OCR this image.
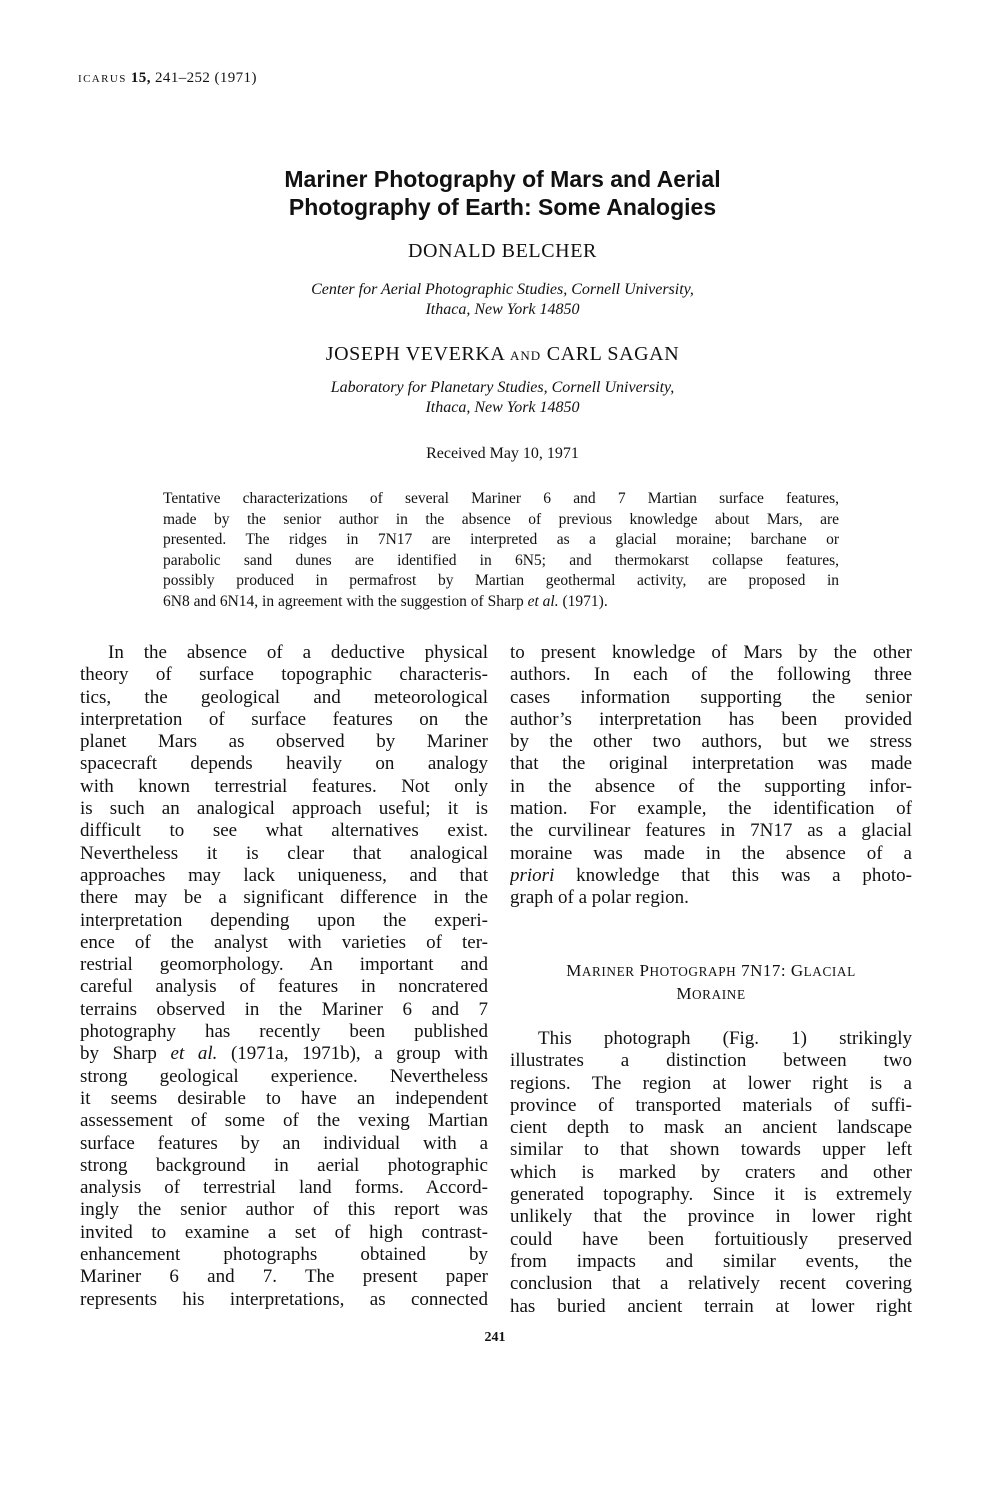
ICARUS 15, 241–252 (1971)
Mariner Photography of Mars and Aerial
Photography of Earth: Some Analogies
DONALD BELCHER
Center for Aerial Photographic Studies, Cornell University,
Ithaca, New York 14850
JOSEPH VEVERKA AND CARL SAGAN
Laboratory for Planetary Studies, Cornell University,
Ithaca, New York 14850
Received May 10, 1971
Tentative characterizations of several Mariner 6 and 7 Martian surface features,
made by the senior author in the absence of previous knowledge about Mars, are
presented. The ridges in 7N17 are interpreted as a glacial moraine; barchane or
parabolic sand dunes are identified in 6N5; and thermokarst collapse features,
possibly produced in permafrost by Martian geothermal activity, are proposed in
6N8 and 6N14, in agreement with the suggestion of Sharp et al. (1971).
In the absence of a deductive physical
theory of surface topographic characteris-
tics, the geological and meteorological
interpretation of surface features on the
planet Mars as observed by Mariner
spacecraft depends heavily on analogy
with known terrestrial features. Not only
is such an analogical approach useful; it is
difficult to see what alternatives exist.
Nevertheless it is clear that analogical
approaches may lack uniqueness, and that
there may be a significant difference in the
interpretation depending upon the experi-
ence of the analyst with varieties of ter-
restrial geomorphology. An important and
careful analysis of features in noncratered
terrains observed in the Mariner 6 and 7
photography has recently been published
by Sharp et al. (1971a, 1971b), a group with
strong geological experience. Nevertheless
it seems desirable to have an independent
assessement of some of the vexing Martian
surface features by an individual with a
strong background in aerial photographic
analysis of terrestrial land forms. Accord-
ingly the senior author of this report was
invited to examine a set of high contrast-
enhancement photographs obtained by
Mariner 6 and 7. The present paper
represents his interpretations, as connected
to present knowledge of Mars by the other
authors. In each of the following three
cases information supporting the senior
author’s interpretation has been provided
by the other two authors, but we stress
that the original interpretation was made
in the absence of the supporting infor-
mation. For example, the identification of
the curvilinear features in 7N17 as a glacial
moraine was made in the absence of a
priori knowledge that this was a photo-
graph of a polar region.
MARINER PHOTOGRAPH 7N17: GLACIAL
MORAINE
This photograph (Fig. 1) strikingly
illustrates a distinction between two
regions. The region at lower right is a
province of transported materials of suffi-
cient depth to mask an ancient landscape
similar to that shown towards upper left
which is marked by craters and other
generated topography. Since it is extremely
unlikely that the province in lower right
could have been fortuitiously preserved
from impacts and similar events, the
conclusion that a relatively recent covering
has buried ancient terrain at lower right
241
